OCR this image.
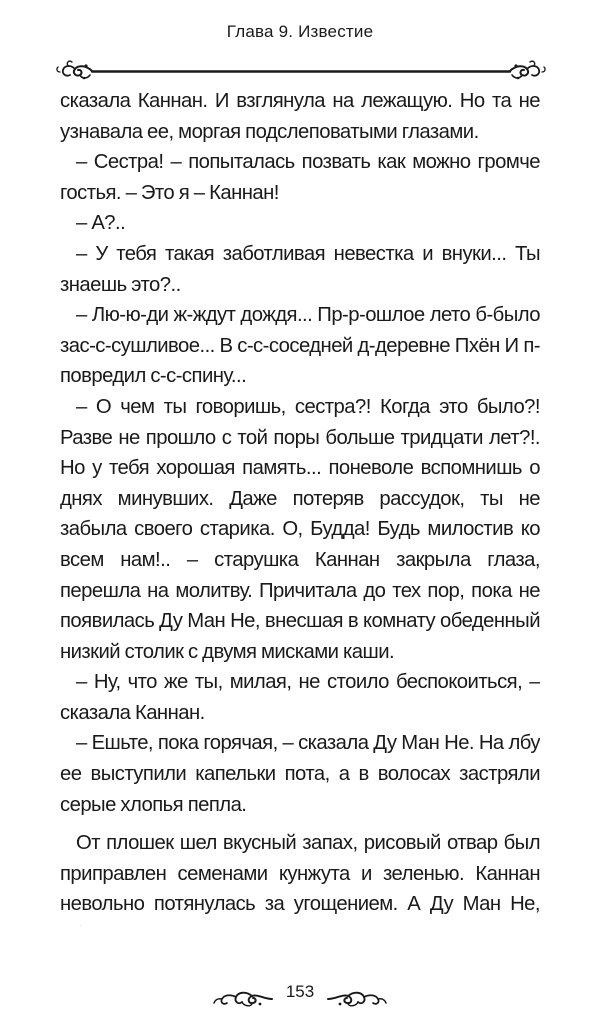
Глава 9. Известие

сказала Каннан. И взглянула на лежащую. Но та не узнавала ее, моргая подслеповатыми глазами.

– Сестра! – попыталась позвать как можно громче гостья. – Это я – Каннан!

– А?..

– У тебя такая заботливая невестка и внуки... Ты знаешь это?..

– Лю-ю-ди ж-ждут дождя... Пр-р-ошлое лето б-было зас-с-сушливое... В с-с-соседней д-деревне Пхён И п-повредил с-с-спину...

– О чем ты говоришь, сестра?! Когда это было?! Разве не прошло с той поры больше тридцати лет?!. Но у тебя хорошая память... поневоле вспомнишь о днях минувших. Даже потеряв рассудок, ты не забыла своего старика. О, Будда! Будь милостив ко всем нам!.. – старушка Каннан закрыла глаза, перешла на молитву. Причитала до тех пор, пока не появилась Ду Ман Не, внесшая в комнату обеденный низкий столик с двумя мисками каши.

– Ну, что же ты, милая, не стоило беспокоиться, – сказала Каннан.

– Ешьте, пока горячая, – сказала Ду Ман Не. На лбу ее выступили капельки пота, а в волосах застряли серые хлопья пепла.

От плошек шел вкусный запах, рисовый отвар был приправлен семенами кунжута и зеленью. Каннан невольно потянулась за угощением. А Ду Ман Не,

153
